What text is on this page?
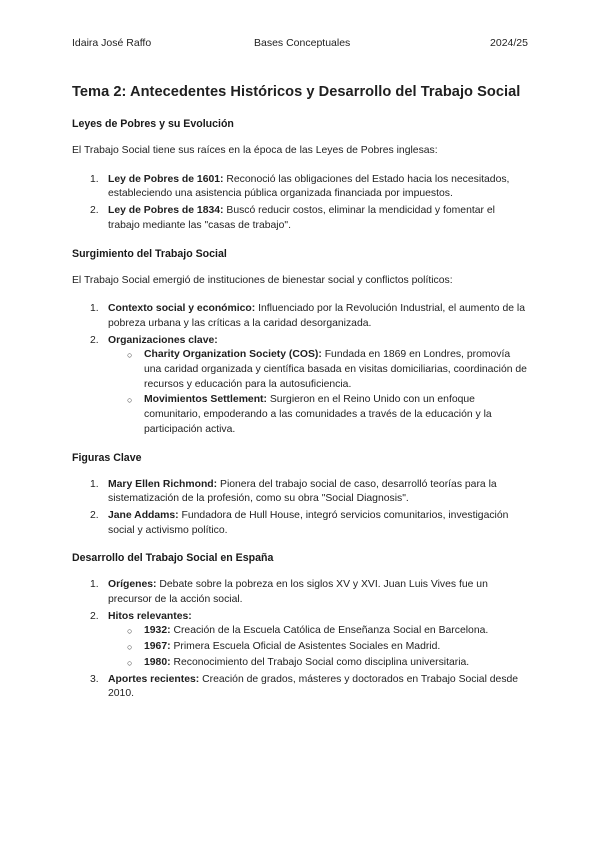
Idaira José Raffo	Bases Conceptuales	2024/25
Tema 2: Antecedentes Históricos y Desarrollo del Trabajo Social
Leyes de Pobres y su Evolución
El Trabajo Social tiene sus raíces en la época de las Leyes de Pobres inglesas:
1. Ley de Pobres de 1601: Reconoció las obligaciones del Estado hacia los necesitados, estableciendo una asistencia pública organizada financiada por impuestos.
2. Ley de Pobres de 1834: Buscó reducir costos, eliminar la mendicidad y fomentar el trabajo mediante las "casas de trabajo".
Surgimiento del Trabajo Social
El Trabajo Social emergió de instituciones de bienestar social y conflictos políticos:
1. Contexto social y económico: Influenciado por la Revolución Industrial, el aumento de la pobreza urbana y las críticas a la caridad desorganizada.
2. Organizaciones clave:
○ Charity Organization Society (COS): Fundada en 1869 en Londres, promovía una caridad organizada y científica basada en visitas domiciliarias, coordinación de recursos y educación para la autosuficiencia.
○ Movimientos Settlement: Surgieron en el Reino Unido con un enfoque comunitario, empoderando a las comunidades a través de la educación y la participación activa.
Figuras Clave
1. Mary Ellen Richmond: Pionera del trabajo social de caso, desarrolló teorías para la sistematización de la profesión, como su obra "Social Diagnosis".
2. Jane Addams: Fundadora de Hull House, integró servicios comunitarios, investigación social y activismo político.
Desarrollo del Trabajo Social en España
1. Orígenes: Debate sobre la pobreza en los siglos XV y XVI. Juan Luis Vives fue un precursor de la acción social.
2. Hitos relevantes:
○ 1932: Creación de la Escuela Católica de Enseñanza Social en Barcelona.
○ 1967: Primera Escuela Oficial de Asistentes Sociales en Madrid.
○ 1980: Reconocimiento del Trabajo Social como disciplina universitaria.
3. Aportes recientes: Creación de grados, másteres y doctorados en Trabajo Social desde 2010.
